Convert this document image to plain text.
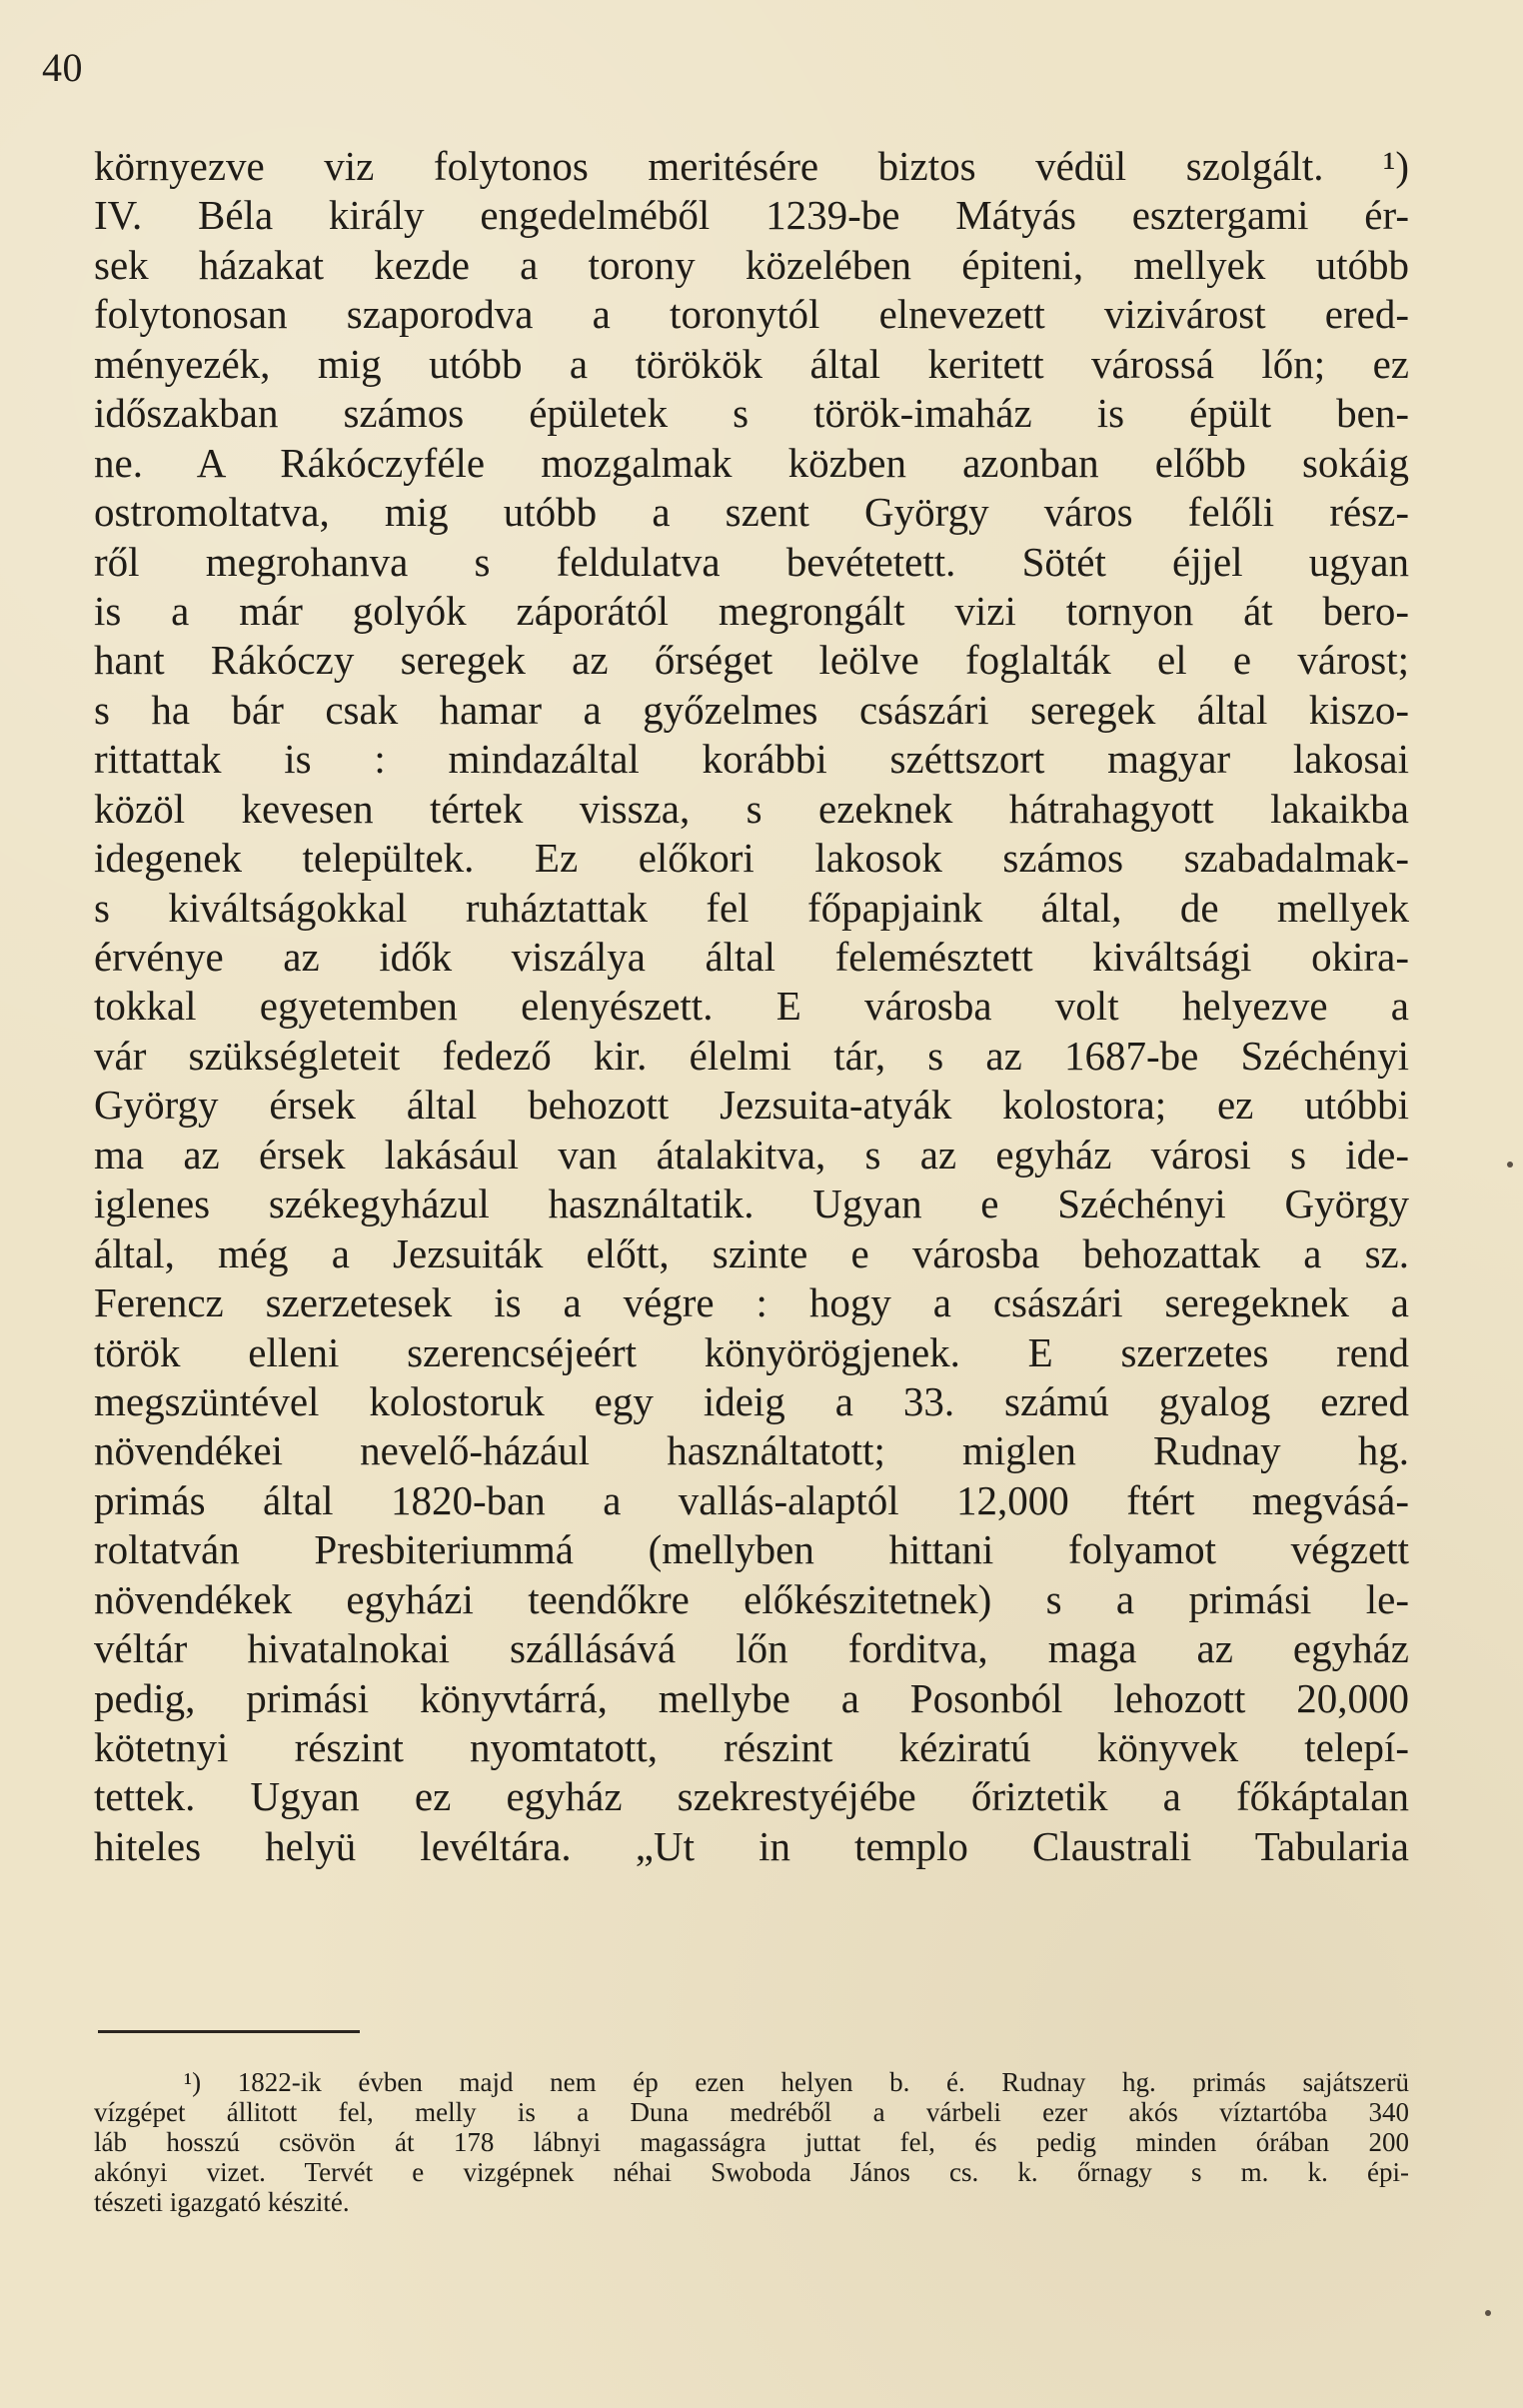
40
környezve viz folytonos meritésére biztos védül szolgált. ¹)
IV. Béla király engedelméből 1239-be Mátyás esztergami ér-
sek házakat kezde a torony közelében épiteni, mellyek utóbb
folytonosan szaporodva a toronytól elnevezett vizivárost ered-
ményezék, mig utóbb a törökök által keritett várossá lőn; ez
időszakban számos épületek s török-imaház is épült ben-
ne. A Rákóczyféle mozgalmak közben azonban előbb sokáig
ostromoltatva, mig utóbb a szent György város felőli rész-
ről megrohanva s feldulatva bevétetett. Sötét éjjel ugyan
is a már golyók záporától megrongált vizi tornyon át bero-
hant Rákóczy seregek az őrséget leölve foglalták el e várost;
s ha bár csak hamar a győzelmes császári seregek által kiszo-
rittattak is : mindazáltal korábbi széttszort magyar lakosai
közöl kevesen tértek vissza, s ezeknek hátrahagyott lakaikba
idegenek települtek. Ez előkori lakosok számos szabadalmak-
s kiváltságokkal ruháztattak fel főpapjaink által, de mellyek
érvénye az idők viszálya által felemésztett kiváltsági okira-
tokkal egyetemben elenyészett. E városba volt helyezve a
vár szükségleteit fedező kir. élelmi tár, s az 1687-be Széchényi
György érsek által behozott Jezsuita-atyák kolostora; ez utóbbi
ma az érsek lakásául van átalakitva, s az egyház városi s ide-
iglenes székegyházul használtatik. Ugyan e Széchényi György
által, még a Jezsuiták előtt, szinte e városba behozattak a sz.
Ferencz szerzetesek is a végre : hogy a császári seregeknek a
török elleni szerencséjeért könyörögjenek. E szerzetes rend
megszüntével kolostoruk egy ideig a 33. számú gyalog ezred
növendékei nevelő-házául használtatott; miglen Rudnay hg.
primás által 1820-ban a vallás-alaptól 12,000 ftért megvásá-
roltatván Presbiteriummá (mellyben hittani folyamot végzett
növendékek egyházi teendőkre előkészitetnek) s a primási le-
véltár hivatalnokai szállásává lőn forditva, maga az egyház
pedig, primási könyvtárrá, mellybe a Posonból lehozott 20,000
kötetnyi részint nyomtatott, részint kéziratú könyvek telepí-
tettek. Ugyan ez egyház szekrestyéjébe őriztetik a főkáptalan
hiteles helyü levéltára. „Ut in templo Claustrali Tabularia
¹) 1822-ik évben majd nem ép ezen helyen b. é. Rudnay hg. primás sajátszerü
vízgépet állitott fel, melly is a Duna medréből a várbeli ezer akós víztartóba 340
láb hosszú csövön át 178 lábnyi magasságra juttat fel, és pedig minden órában 200
akónyi vizet. Tervét e vizgépnek néhai Swoboda János cs. k. őrnagy s m. k. épi-
tészeti igazgató készité.
